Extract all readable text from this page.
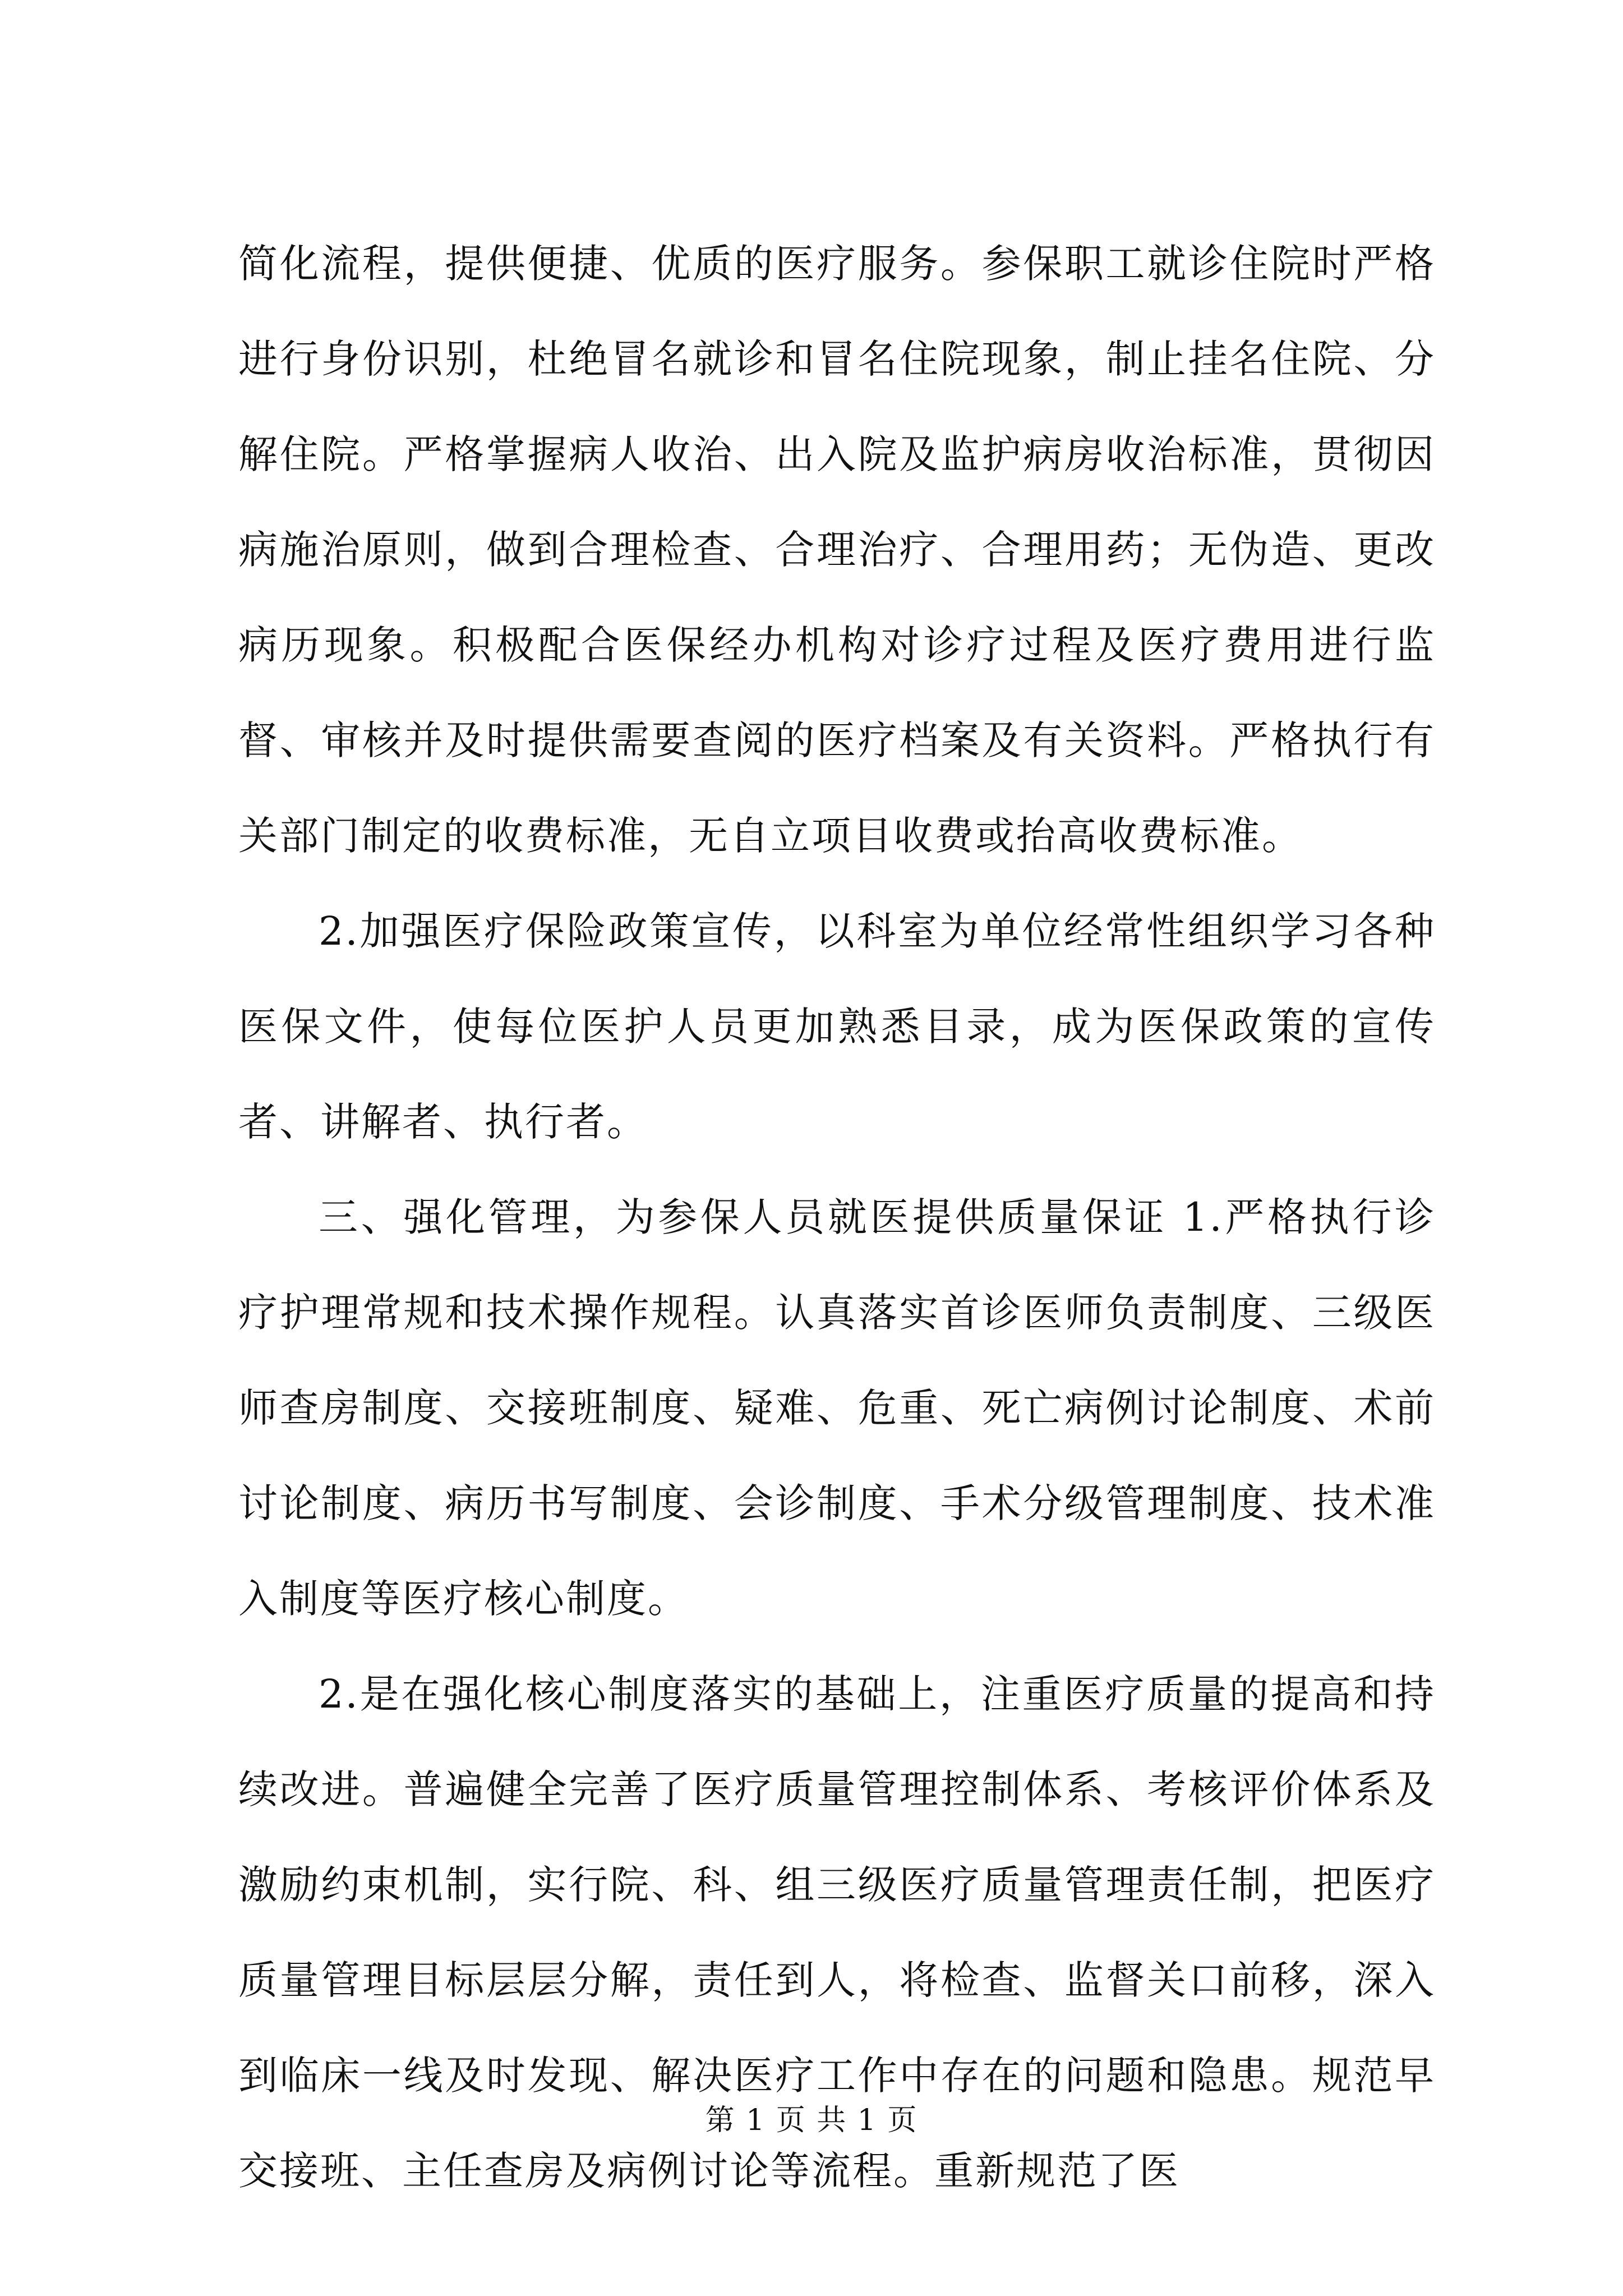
简化流程，提供便捷、优质的医疗服务。参保职工就诊住院时严格进行身份识别，杜绝冒名就诊和冒名住院现象，制止挂名住院、分解住院。严格掌握病人收治、出入院及监护病房收治标准，贯彻因病施治原则，做到合理检查、合理治疗、合理用药；无伪造、更改病历现象。积极配合医保经办机构对诊疗过程及医疗费用进行监督、审核并及时提供需要查阅的医疗档案及有关资料。严格执行有关部门制定的收费标准，无自立项目收费或抬高收费标准。

2.加强医疗保险政策宣传，以科室为单位经常性组织学习各种医保文件，使每位医护人员更加熟悉目录，成为医保政策的宣传者、讲解者、执行者。

三、强化管理，为参保人员就医提供质量保证 1.严格执行诊疗护理常规和技术操作规程。认真落实首诊医师负责制度、三级医师查房制度、交接班制度、疑难、危重、死亡病例讨论制度、术前讨论制度、病历书写制度、会诊制度、手术分级管理制度、技术准入制度等医疗核心制度。

2.是在强化核心制度落实的基础上，注重医疗质量的提高和持续改进。普遍健全完善了医疗质量管理控制体系、考核评价体系及激励约束机制，实行院、科、组三级医疗质量管理责任制，把医疗质量管理目标层层分解，责任到人，将检查、监督关口前移，深入到临床一线及时发现、解决医疗工作中存在的问题和隐患。规范早交接班、主任查房及病例讨论等流程。重新规范了医

第 1 页 共 1 页
